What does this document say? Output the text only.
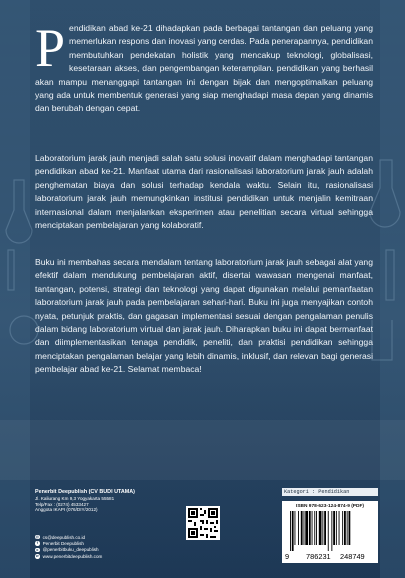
Pendidikan abad ke-21 dihadapkan pada berbagai tantangan dan peluang yang memerlukan respons dan inovasi yang cerdas. Pada penerapannya, pendidikan membutuhkan pendekatan holistik yang mencakup teknologi, globalisasi, kesetaraan akses, dan pengembangan keterampilan. pendidikan yang berhasil akan mampu menanggapi tantangan ini dengan bijak dan mengoptimalkan peluang yang ada untuk membentuk generasi yang siap menghadapi masa depan yang dinamis dan berubah dengan cepat.
Laboratorium jarak jauh menjadi salah satu solusi inovatif dalam menghadapi tantangan pendidikan abad ke-21. Manfaat utama dari rasionalisasi laboratorium jarak jauh adalah penghematan biaya dan solusi terhadap kendala waktu. Selain itu, rasionalisasi laboratorium jarak jauh memungkinkan institusi pendidikan untuk menjalin kemitraan internasional dalam menjalankan eksperimen atau penelitian secara virtual sehingga menciptakan pembelajaran yang kolaboratif.
Buku ini membahas secara mendalam tentang laboratorium jarak jauh sebagai alat yang efektif dalam mendukung pembelajaran aktif, disertai wawasan mengenai manfaat, tantangan, potensi, strategi dan teknologi yang dapat digunakan melalui pemanfaatan laboratorium jarak jauh pada pembelajaran sehari-hari. Buku ini juga menyajikan contoh nyata, petunjuk praktis, dan gagasan implementasi sesuai dengan pengalaman penulis dalam bidang laboratorium virtual dan jarak jauh. Diharapkan buku ini dapat bermanfaat dan diimplementasikan tenaga pendidik, peneliti, dan praktisi pendidikan sehingga menciptakan pengalaman belajar yang lebih dinamis, inklusif, dan relevan bagi generasi pembelajar abad ke-21. Selamat membaca!
Penerbit Deepublish (CV BUDI UTAMA)
Jl. Kaliurang Km 9,3 Yogyakarta 55581
Telp/Fax : (0274) 4533427
Anggota IKAPI (076/DIY/2012)
@ cs@deepublish.co.id
f	Penerbit Deepublish
o @penerbitbuku_deepublish
w www.penerbitdeepublish.com
Kategori : Pendidikan
ISBN 978-623-124-874-9 (PDF)
9 786231 248749
